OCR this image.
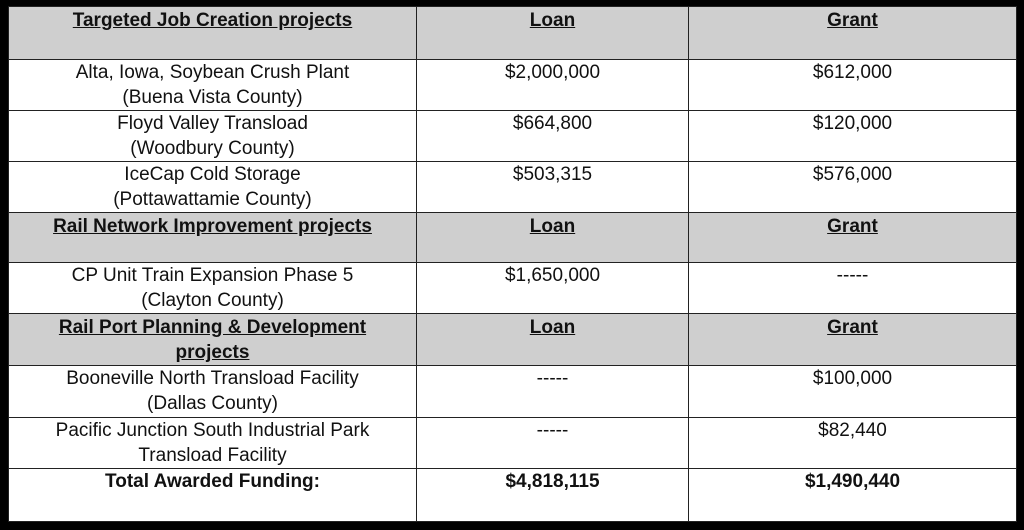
Targeted Job Creation projects	Loan	Grant

Alta, Iowa, Soybean Crush Plant
(Buena Vista County)	$2,000,000	$612,000

Floyd Valley Transload
(Woodbury County)	$664,800	$120,000

IceCap Cold Storage
(Pottawattamie County)	$503,315	$576,000
Rail Network Improvement projects	Loan	Grant

CP Unit Train Expansion Phase 5
(Clayton County)	$1,650,000	-----

Rail Port Planning & Development
projects	Loan	Grant

Booneville North Transload Facility
(Dallas County)	-----	$100,000

Pacific Junction South Industrial Park
Transload Facility	-----	$82,440
Total Awarded Funding:	$4,818,115	$1,490,440
